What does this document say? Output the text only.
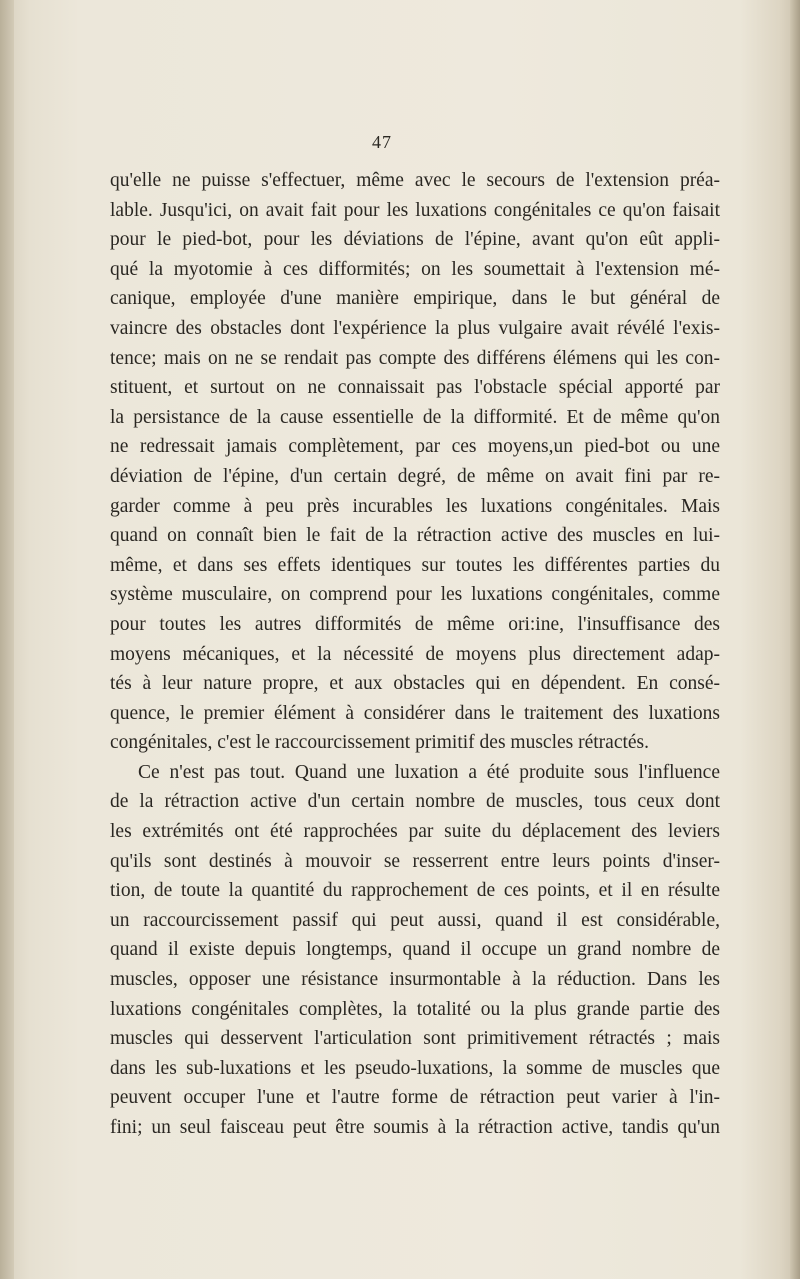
47
qu'elle ne puisse s'effectuer, même avec le secours de l'extension préa-
lable. Jusqu'ici, on avait fait pour les luxations congénitales ce qu'on faisait
pour le pied-bot, pour les déviations de l'épine, avant qu'on eût appli-
qué la myotomie à ces difformités; on les soumettait à l'extension mé-
canique, employée d'une manière empirique, dans le but général de
vaincre des obstacles dont l'expérience la plus vulgaire avait révélé l'exis-
tence; mais on ne se rendait pas compte des différens élémens qui les con-
stituent, et surtout on ne connaissait pas l'obstacle spécial apporté par
la persistance de la cause essentielle de la difformité. Et de même qu'on
ne redressait jamais complètement, par ces moyens,un pied-bot ou une
déviation de l'épine, d'un certain degré, de même on avait fini par re-
garder comme à peu près incurables les luxations congénitales. Mais
quand on connaît bien le fait de la rétraction active des muscles en lui-
même, et dans ses effets identiques sur toutes les différentes parties du
système musculaire, on comprend pour les luxations congénitales, comme
pour toutes les autres difformités de même ori:ine, l'insuffisance des
moyens mécaniques, et la nécessité de moyens plus directement adap-
tés à leur nature propre, et aux obstacles qui en dépendent. En consé-
quence, le premier élément à considérer dans le traitement des luxations
congénitales, c'est le raccourcissement primitif des muscles rétractés.
Ce n'est pas tout. Quand une luxation a été produite sous l'influence
de la rétraction active d'un certain nombre de muscles, tous ceux dont
les extrémités ont été rapprochées par suite du déplacement des leviers
qu'ils sont destinés à mouvoir se resserrent entre leurs points d'inser-
tion, de toute la quantité du rapprochement de ces points, et il en résulte
un raccourcissement passif qui peut aussi, quand il est considérable,
quand il existe depuis longtemps, quand il occupe un grand nombre de
muscles, opposer une résistance insurmontable à la réduction. Dans les
luxations congénitales complètes, la totalité ou la plus grande partie des
muscles qui desservent l'articulation sont primitivement rétractés ; mais
dans les sub-luxations et les pseudo-luxations, la somme de muscles que
peuvent occuper l'une et l'autre forme de rétraction peut varier à l'in-
fini; un seul faisceau peut être soumis à la rétraction active, tandis qu'un
